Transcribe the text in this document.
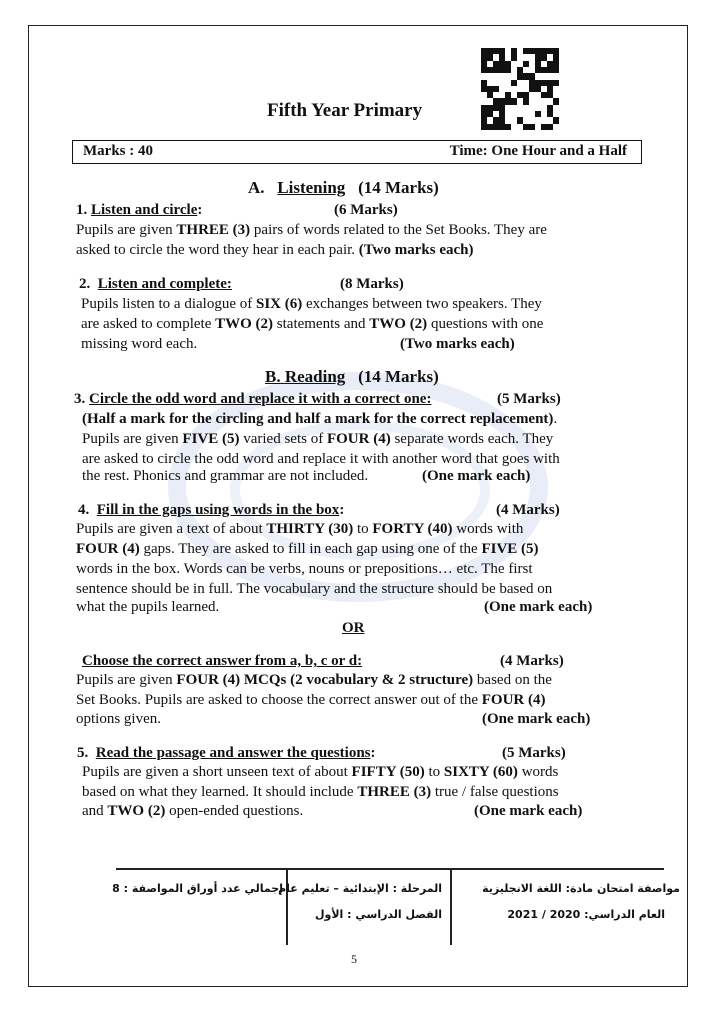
Fifth Year Primary
Marks : 40	Time: One Hour and a Half
A. Listening (14 Marks)
1. Listen and circle:	(6 Marks)
Pupils are given THREE (3) pairs of words related to the Set Books. They are
asked to circle the word they hear in each pair. (Two marks each)
2. Listen and complete:	(8 Marks)
Pupils listen to a dialogue of SIX (6) exchanges between two speakers. They
are asked to complete TWO (2) statements and TWO (2) questions with one
missing word each.	(Two marks each)
B. Reading (14 Marks)
3. Circle the odd word and replace it with a correct one:	(5 Marks)
(Half a mark for the circling and half a mark for the correct replacement).
Pupils are given FIVE (5) varied sets of FOUR (4) separate words each. They
are asked to circle the odd word and replace it with another word that goes with
the rest. Phonics and grammar are not included.	(One mark each)
4. Fill in the gaps using words in the box:	(4 Marks)
Pupils are given a text of about THIRTY (30) to FORTY (40) words with
FOUR (4) gaps. They are asked to fill in each gap using one of the FIVE (5)
words in the box. Words can be verbs, nouns or prepositions… etc. The first
sentence should be in full. The vocabulary and the structure should be based on
what the pupils learned.	(One mark each)
OR
Choose the correct answer from a, b, c or d:	(4 Marks)
Pupils are given FOUR (4) MCQs (2 vocabulary & 2 structure) based on the
Set Books. Pupils are asked to choose the correct answer out of the FOUR (4)
options given.	(One mark each)
5. Read the passage and answer the questions:	(5 Marks)
Pupils are given a short unseen text of about FIFTY (50) to SIXTY (60) words
based on what they learned. It should include THREE (3) true / false questions
and TWO (2) open-ended questions.	(One mark each)
مواصفة امتحان مادة: اللغة الانجليزية
العام الدراسي: 2020 / 2021
المرحلة : الإبتدائية – تعليم عام
الفصل الدراسي : الأول
إجمالي عدد أوراق المواصفة : 8
5
